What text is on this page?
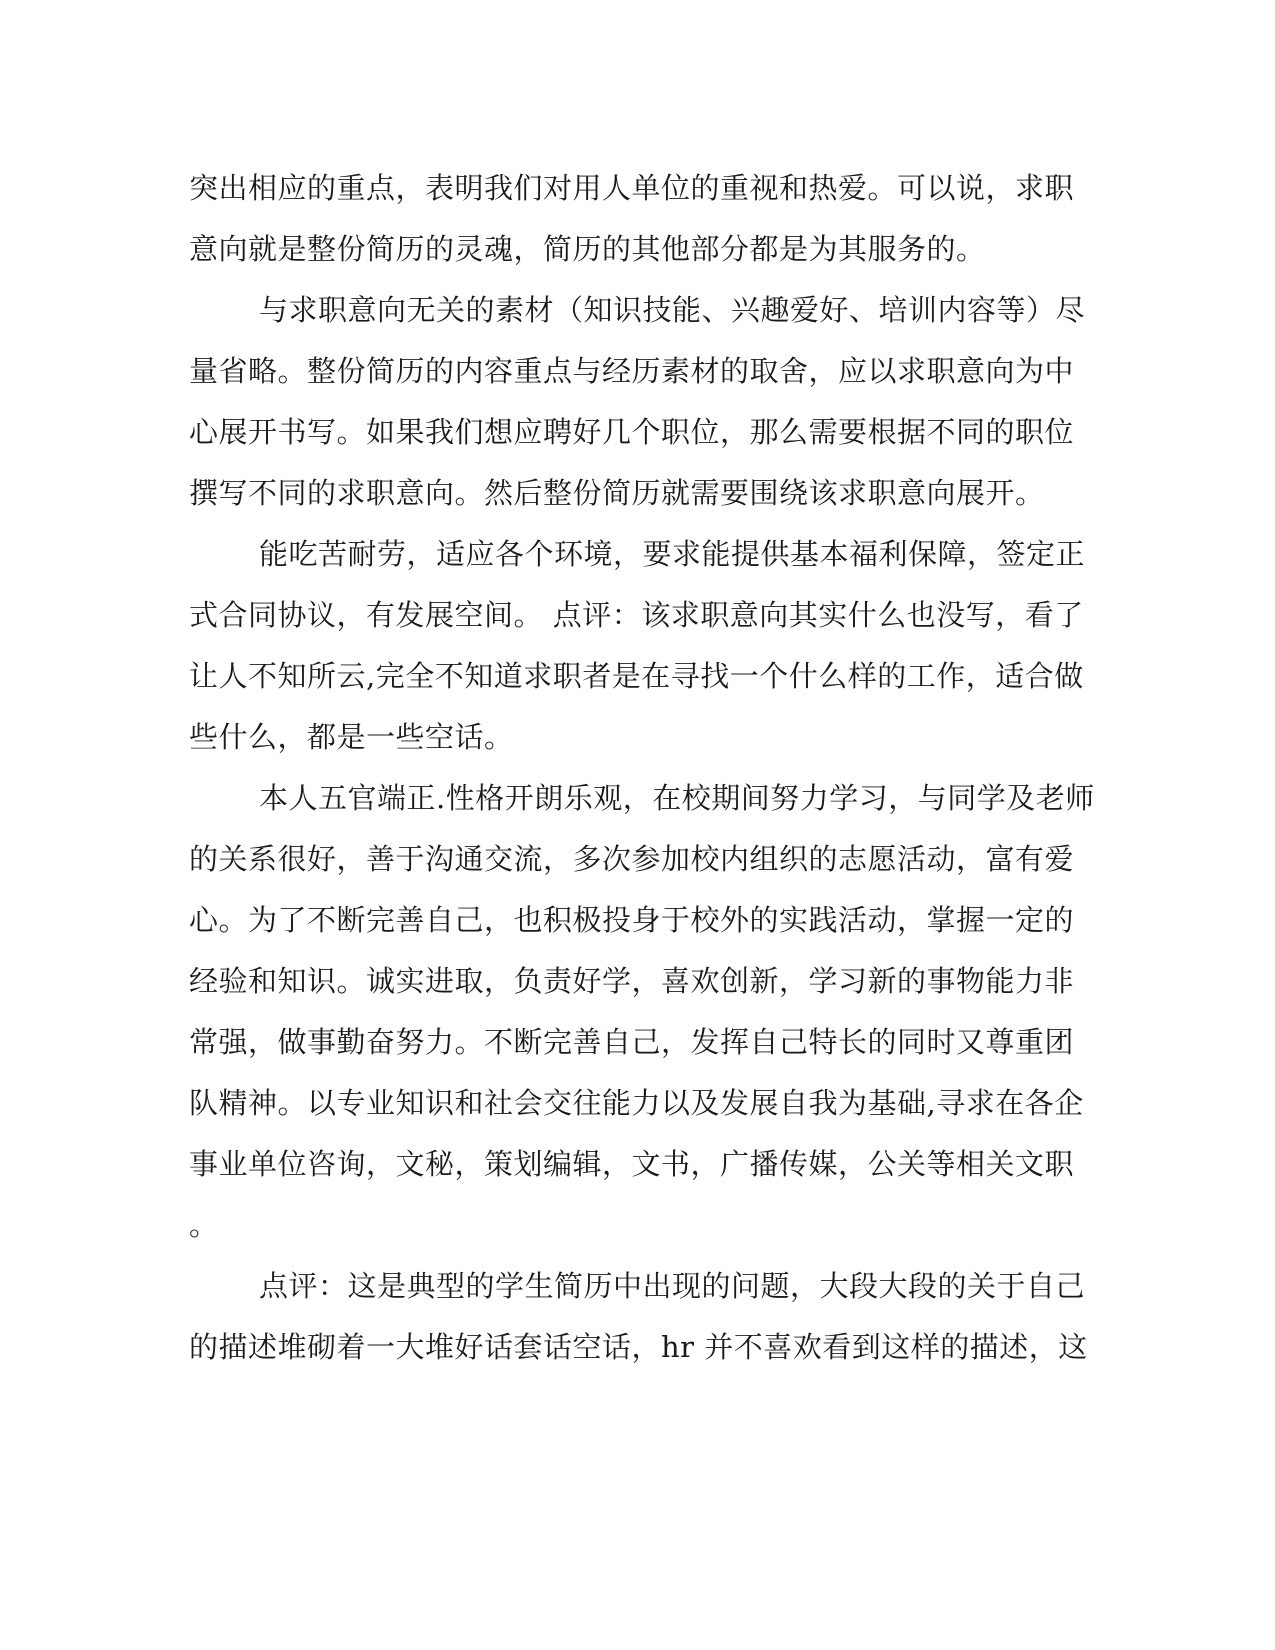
突出相应的重点，表明我们对用人单位的重视和热爱。可以说，求职
意向就是整份简历的灵魂，简历的其他部分都是为其服务的。
与求职意向无关的素材（知识技能、兴趣爱好、培训内容等）尽
量省略。整份简历的内容重点与经历素材的取舍，应以求职意向为中
心展开书写。如果我们想应聘好几个职位，那么需要根据不同的职位
撰写不同的求职意向。然后整份简历就需要围绕该求职意向展开。
能吃苦耐劳，适应各个环境，要求能提供基本福利保障，签定正
式合同协议，有发展空间。 点评：该求职意向其实什么也没写，看了
让人不知所云,完全不知道求职者是在寻找一个什么样的工作，适合做
些什么，都是一些空话。
本人五官端正.性格开朗乐观，在校期间努力学习，与同学及老师
的关系很好，善于沟通交流，多次参加校内组织的志愿活动，富有爱
心。为了不断完善自己，也积极投身于校外的实践活动，掌握一定的
经验和知识。诚实进取，负责好学，喜欢创新，学习新的事物能力非
常强，做事勤奋努力。不断完善自己，发挥自己特长的同时又尊重团
队精神。以专业知识和社会交往能力以及发展自我为基础,寻求在各企
事业单位咨询，文秘，策划编辑，文书，广播传媒，公关等相关文职
。
点评：这是典型的学生简历中出现的问题，大段大段的关于自己
的描述堆砌着一大堆好话套话空话，hr 并不喜欢看到这样的描述，这
